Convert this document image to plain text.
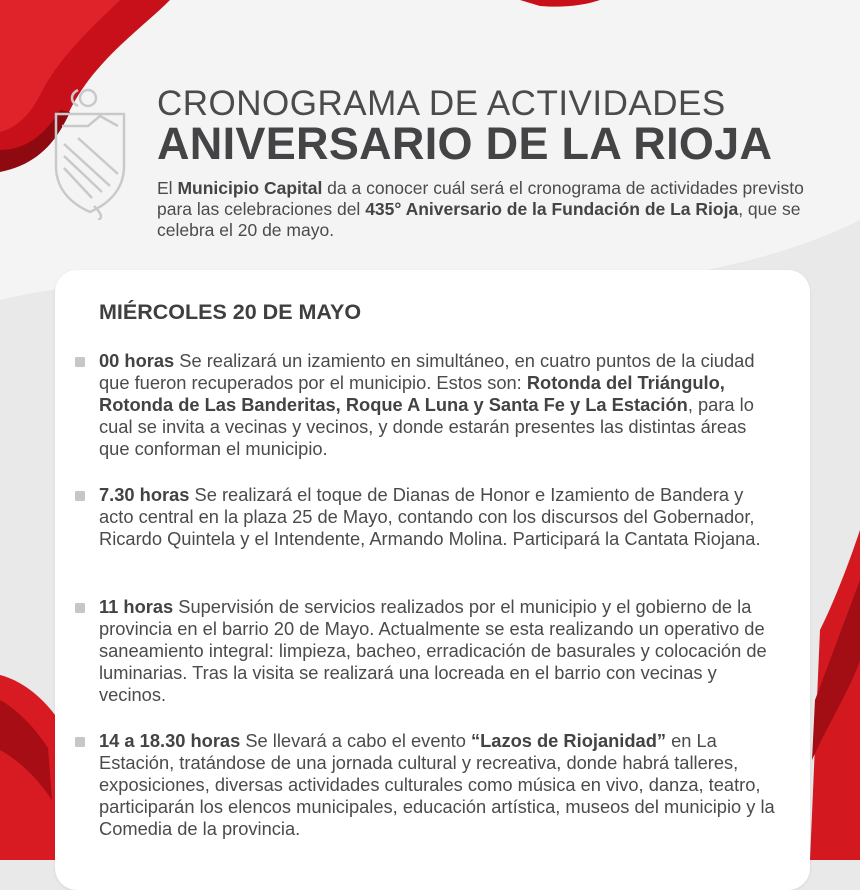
CRONOGRAMA DE ACTIVIDADES
ANIVERSARIO DE LA RIOJA
El Municipio Capital da a conocer cuál será el cronograma de actividades previsto para las celebraciones del 435° Aniversario de la Fundación de La Rioja, que se celebra el 20 de mayo.
MIÉRCOLES 20 DE MAYO
00 horas Se realizará un izamiento en simultáneo, en cuatro puntos de la ciudad que fueron recuperados por el municipio. Estos son: Rotonda del Triángulo, Rotonda de Las Banderitas, Roque A Luna y Santa Fe y La Estación, para lo cual se invita a vecinas y vecinos, y donde estarán presentes las distintas áreas que conforman el municipio.
7.30 horas Se realizará el toque de Dianas de Honor e Izamiento de Bandera y acto central en la plaza 25 de Mayo, contando con los discursos del Gobernador, Ricardo Quintela y el Intendente, Armando Molina. Participará la Cantata Riojana.
11 horas Supervisión de servicios realizados por el municipio y el gobierno de la provincia en el barrio 20 de Mayo. Actualmente se esta realizando un operativo de saneamiento integral: limpieza, bacheo, erradicación de basurales y colocación de luminarias. Tras la visita se realizará una locreada en el barrio con vecinas y vecinos.
14 a 18.30 horas Se llevará a cabo el evento “Lazos de Riojanidad” en La Estación, tratándose de una jornada cultural y recreativa, donde habrá talleres, exposiciones, diversas actividades culturales como música en vivo, danza, teatro, participarán los elencos municipales, educación artística, museos del municipio y la Comedia de la provincia.
